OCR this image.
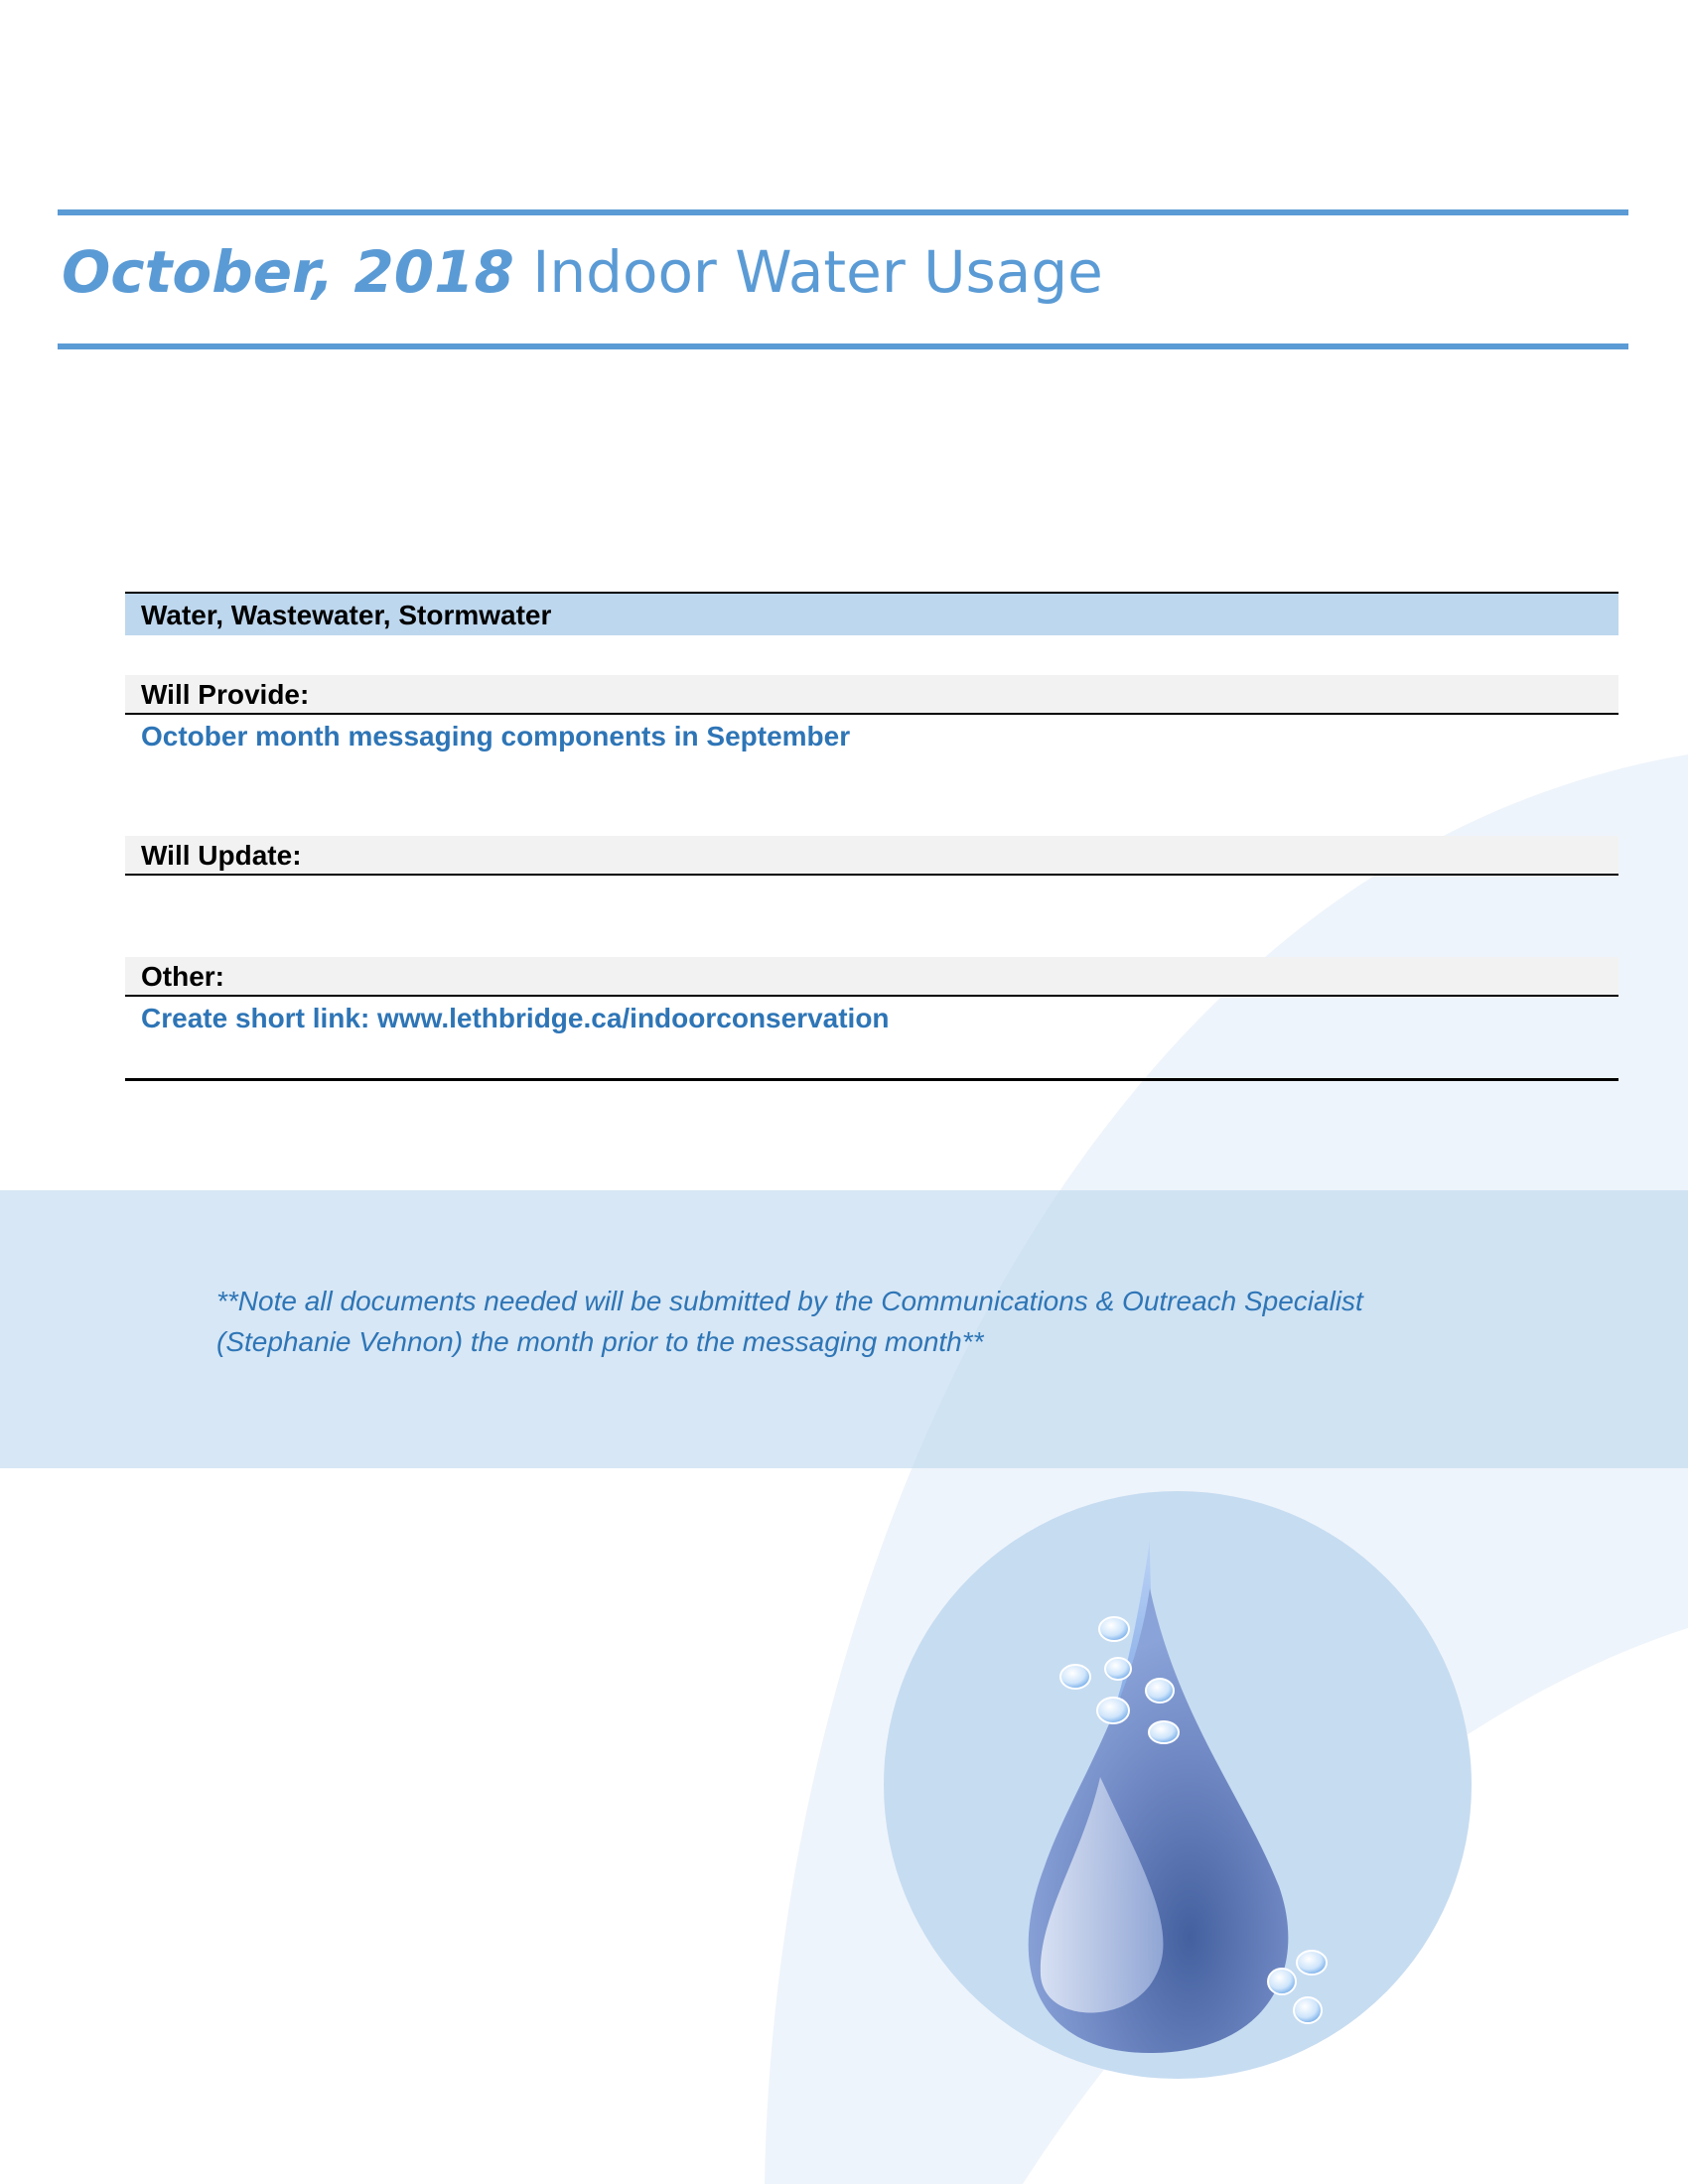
October, 2018 Indoor Water Usage
Water, Wastewater, Stormwater
Will Provide:
October month messaging components in September
Will Update:
Other:
Create short link: www.lethbridge.ca/indoorconservation

**Note all documents needed will be submitted by the Communications & Outreach Specialist (Stephanie Vehnon) the month prior to the messaging month**
